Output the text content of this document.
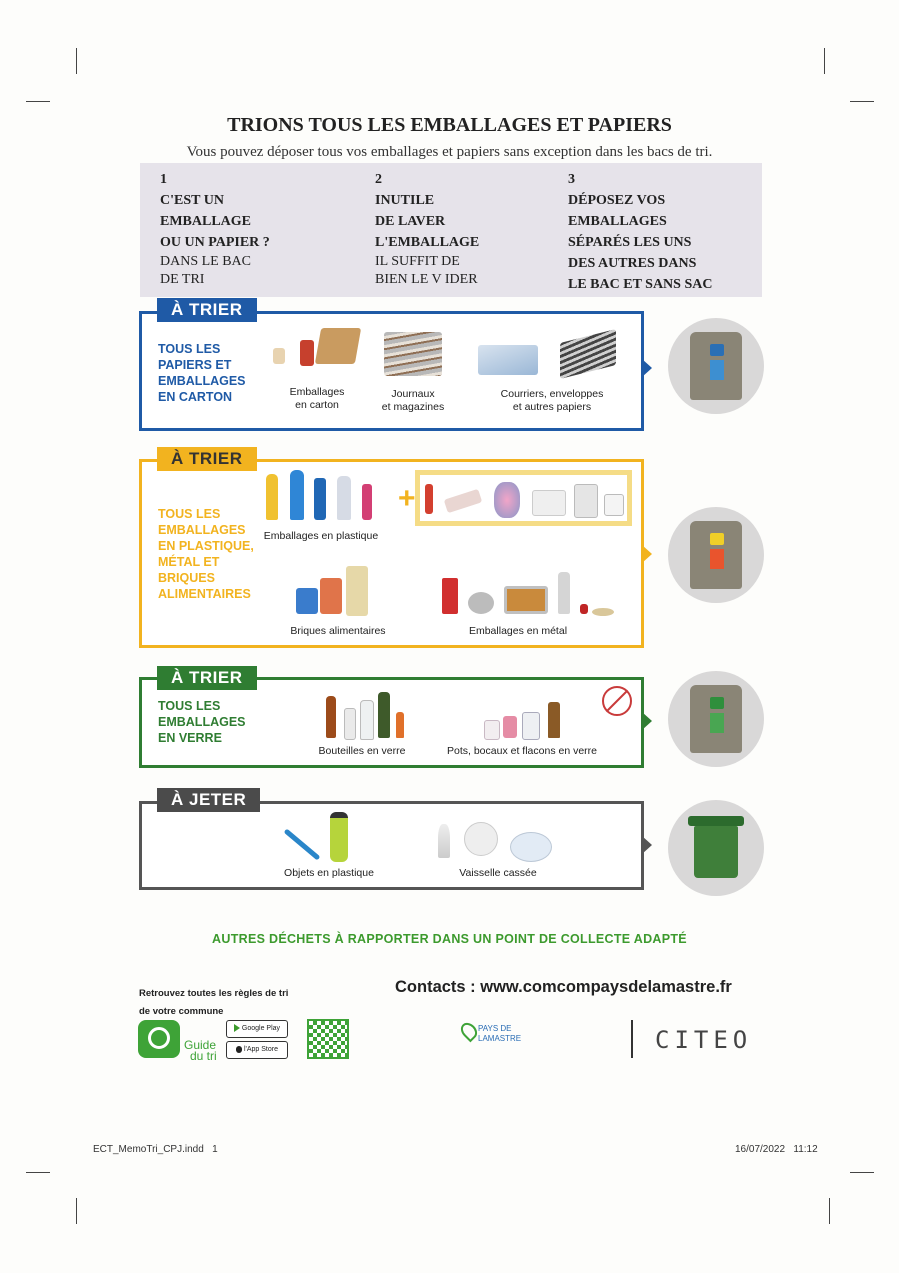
TRIONS TOUS LES EMBALLAGES ET PAPIERS
Vous pouvez déposer tous vos emballages et papiers sans exception dans les bacs de tri.
1
C'EST UN
EMBALLAGE
OU UN PAPIER ?
DANS LE BAC
DE TRI
2
INUTILE
DE LAVER
L'EMBALLAGE
IL SUFFIT DE
BIEN LE V IDER
3
DÉPOSEZ VOS
EMBALLAGES
SÉPARÉS LES UNS
DES AUTRES DANS
LE BAC ET SANS SAC
À TRIER
TOUS LES
PAPIERS ET
EMBALLAGES
EN CARTON	Emballages
en carton
Journaux
et magazines
Courriers, enveloppes
et autres papiers
À TRIER
TOUS LES
EMBALLAGES
EN PLASTIQUE,
MÉTAL ET
BRIQUES
ALIMENTAIRES
+
Emballages en plastique
Briques alimentaires	Emballages en métal
À TRIER
TOUS LES
EMBALLAGES
EN VERRE
Bouteilles en verre	Pots, bocaux et flacons en verre
À JETER
Objets en plastique	Vaisselle cassée
AUTRES DÉCHETS À RAPPORTER DANS UN POINT DE COLLECTE ADAPTÉ
Retrouvez toutes les règles de tri
de votre commune
Guide
du tri
Google Play
l'App Store
Contacts : www.comcompaysdelamastre.fr
PAYS DE
LAMASTRE	CITEO
ECT_MemoTri_CPJ.indd   1	16/07/2022   11:12
